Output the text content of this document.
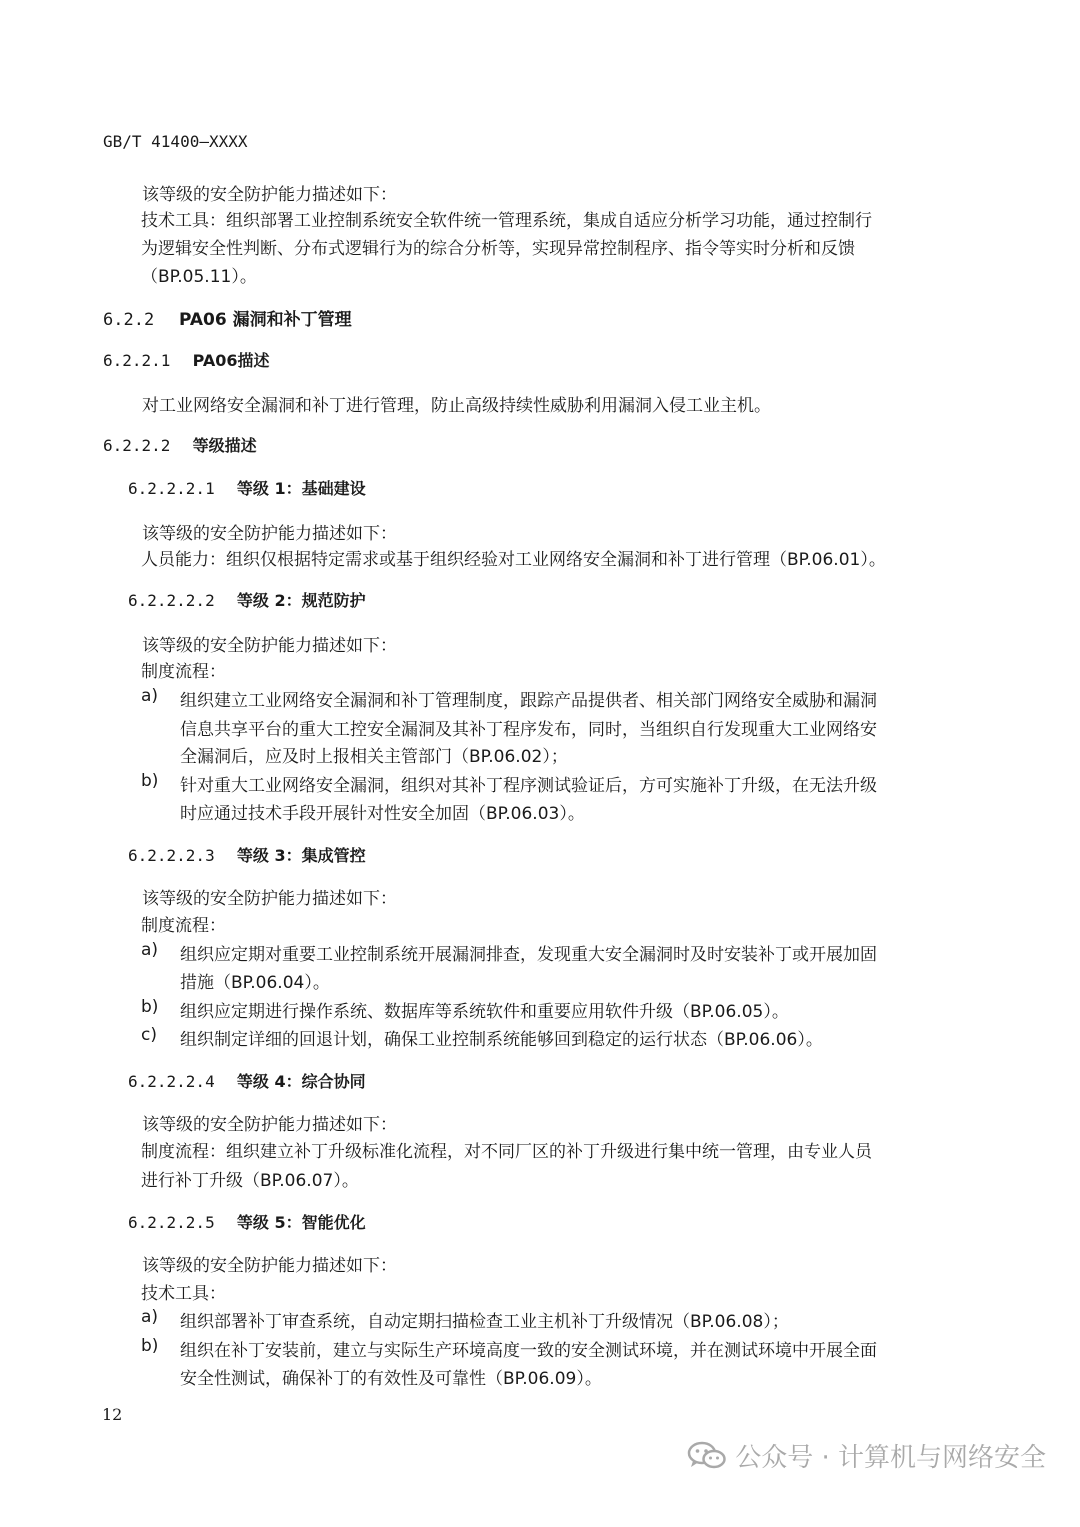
GB/T 41400—XXXX
该等级的安全防护能力描述如下：
技术工具：组织部署工业控制系统安全软件统一管理系统，集成自适应分析学习功能，通过控制行
为逻辑安全性判断、分布式逻辑行为的综合分析等，实现异常控制程序、指令等实时分析和反馈
（BP.05.11）。
6.2.2 PA06 漏洞和补丁管理
6.2.2.1 PA06描述
对工业网络安全漏洞和补丁进行管理，防止高级持续性威胁利用漏洞入侵工业主机。
6.2.2.2 等级描述
6.2.2.2.1 等级 1：基础建设
该等级的安全防护能力描述如下：
人员能力：组织仅根据特定需求或基于组织经验对工业网络安全漏洞和补丁进行管理（BP.06.01）。
6.2.2.2.2 等级 2：规范防护
该等级的安全防护能力描述如下：
制度流程：
a) 组织建立工业网络安全漏洞和补丁管理制度，跟踪产品提供者、相关部门网络安全威胁和漏洞
信息共享平台的重大工控安全漏洞及其补丁程序发布，同时，当组织自行发现重大工业网络安
全漏洞后，应及时上报相关主管部门（BP.06.02）；
b) 针对重大工业网络安全漏洞，组织对其补丁程序测试验证后，方可实施补丁升级，在无法升级
时应通过技术手段开展针对性安全加固（BP.06.03）。
6.2.2.2.3 等级 3：集成管控
该等级的安全防护能力描述如下：
制度流程：
a) 组织应定期对重要工业控制系统开展漏洞排查，发现重大安全漏洞时及时安装补丁或开展加固
措施（BP.06.04）。
b) 组织应定期进行操作系统、数据库等系统软件和重要应用软件升级（BP.06.05）。
c) 组织制定详细的回退计划，确保工业控制系统能够回到稳定的运行状态（BP.06.06）。
6.2.2.2.4 等级 4：综合协同
该等级的安全防护能力描述如下：
制度流程：组织建立补丁升级标准化流程，对不同厂区的补丁升级进行集中统一管理，由专业人员
进行补丁升级（BP.06.07）。
6.2.2.2.5 等级 5：智能优化
该等级的安全防护能力描述如下：
技术工具：
a) 组织部署补丁审查系统，自动定期扫描检查工业主机补丁升级情况（BP.06.08）；
b) 组织在补丁安装前，建立与实际生产环境高度一致的安全测试环境，并在测试环境中开展全面
安全性测试，确保补丁的有效性及可靠性（BP.06.09）。
12
公众号 · 计算机与网络安全
